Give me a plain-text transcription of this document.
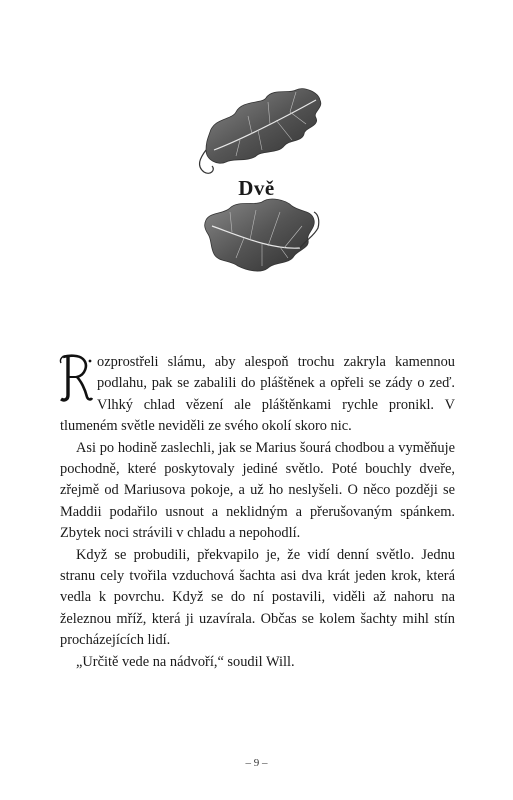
Dvě

ozprostřeli slámu, aby alespoň trochu zakryla kamennou podlahu, pak se zabalili do pláštěnek a opřeli se zády o zeď. Vlhký chlad vězení ale pláštěnkami rychle pronikl. V tlumeném světle neviděli ze svého okolí skoro nic.

Asi po hodině zaslechli, jak se Marius šourá chodbou a vyměňuje pochodně, které poskytovaly jediné světlo. Poté bouchly dveře, zřejmě od Mariusova pokoje, a už ho neslyšeli. O něco později se Maddii podařilo usnout a neklidným a přerušovaným spánkem. Zbytek noci strávili v chladu a nepohodlí.

Když se probudili, překvapilo je, že vidí denní světlo. Jednu stranu cely tvořila vzduchová šachta asi dva krát jeden krok, která vedla k povrchu. Když se do ní postavili, viděli až nahoru na železnou mříž, která ji uzavírala. Občas se kolem šachty mihl stín procházejících lidí.

„Určitě vede na nádvoří,“ soudil Will.

– 9 –
